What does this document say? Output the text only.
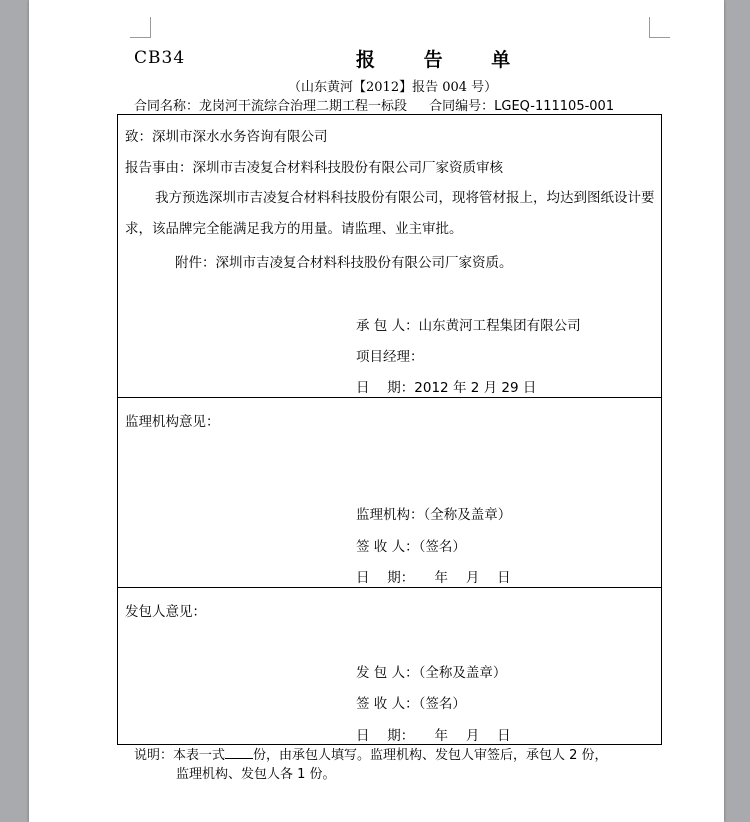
CB34	报 告 单
（山东黄河【2012】报告 004 号）
合同名称：龙岗河干流综合治理二期工程一标段 合同编号：LGEQ-111105-001
致：深圳市深水水务咨询有限公司
报告事由：深圳市吉凌复合材料科技股份有限公司厂家资质审核
我方预选深圳市吉凌复合材料科技股份有限公司，现将管材报上，均达到图纸设计要求，该品牌完全能满足我方的用量。请监理、业主审批。
附件：深圳市吉凌复合材料科技股份有限公司厂家资质。
承 包 人：山东黄河工程集团有限公司
项目经理：
日　 期：2012 年 2 月 29 日

监理机构意见：
监理机构：（全称及盖章）
签 收 人：（签名）
日　 期：　　年　 月　 日

发包人意见：
发 包 人：（全称及盖章）
签 收 人：（签名）
日　 期：　　年　 月　 日
说明：本表一式 份，由承包人填写。监理机构、发包人审签后，承包人 2 份，
监理机构、发包人各 1 份。
